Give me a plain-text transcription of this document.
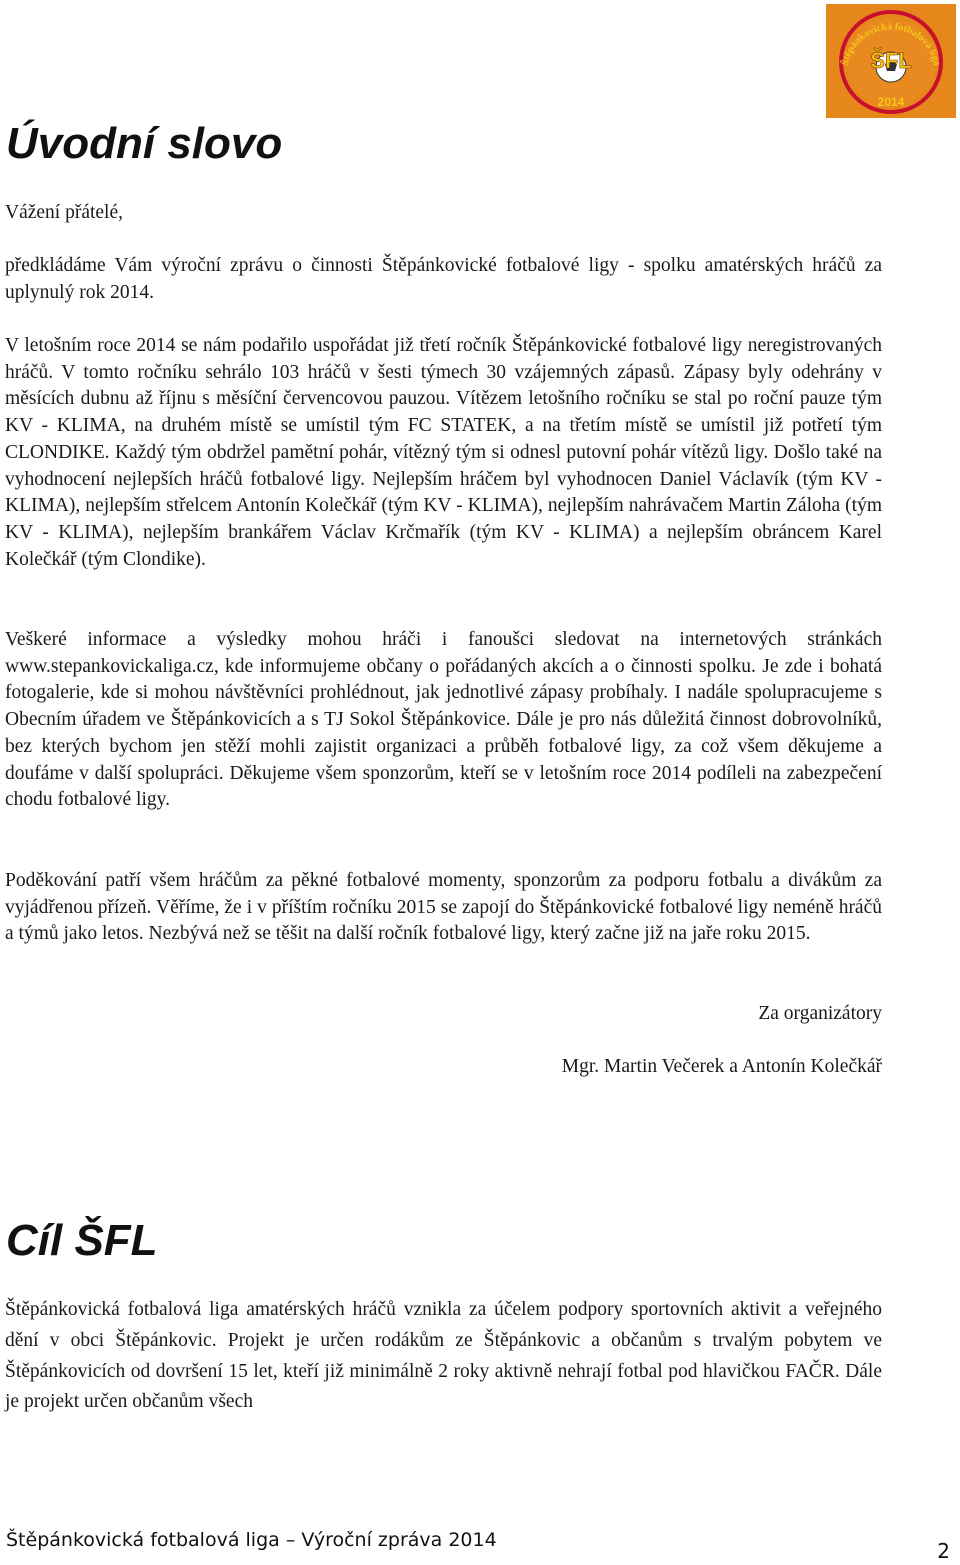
Štěpánkovická fotbalová liga
ŠFL
2014
Úvodní slovo

Vážení přátelé,

předkládáme Vám výroční zprávu o činnosti Štěpánkovické fotbalové ligy - spolku amatérských hráčů za uplynulý rok 2014.

V letošním roce 2014 se nám podařilo uspořádat již třetí ročník Štěpánkovické fotbalové ligy neregistrovaných hráčů. V tomto ročníku sehrálo 103 hráčů v šesti týmech 30 vzájemných zápasů. Zápasy byly odehrány v měsících dubnu až říjnu s měsíční červencovou pauzou. Vítězem letošního ročníku se stal po roční pauze tým KV - KLIMA, na druhém místě se umístil tým FC STATEK, a na třetím místě se umístil již potřetí tým CLONDIKE. Každý tým obdržel pamětní pohár, vítězný tým si odnesl putovní pohár vítězů ligy. Došlo také na vyhodnocení nejlepších hráčů fotbalové ligy. Nejlepším hráčem byl vyhodnocen Daniel Václavík (tým KV - KLIMA), nejlepším střelcem Antonín Kolečkář (tým KV - KLIMA), nejlepším nahrávačem Martin Záloha (tým KV - KLIMA), nejlepším brankářem Václav Krčmařík (tým KV - KLIMA) a nejlepším obráncem Karel Kolečkář (tým Clondike).

Veškeré informace a výsledky mohou hráči i fanoušci sledovat na internetových stránkách www.stepankovickaliga.cz, kde informujeme občany o pořádaných akcích a o činnosti spolku. Je zde i bohatá fotogalerie, kde si mohou návštěvníci prohlédnout, jak jednotlivé zápasy probíhaly. I nadále spolupracujeme s Obecním úřadem ve Štěpánkovicích a s TJ Sokol Štěpánkovice. Dále je pro nás důležitá činnost dobrovolníků, bez kterých bychom jen stěží mohli zajistit organizaci a průběh fotbalové ligy, za což všem děkujeme a doufáme v další spolupráci. Děkujeme všem sponzorům, kteří se v letošním roce 2014 podíleli na zabezpečení chodu fotbalové ligy.

Poděkování patří všem hráčům za pěkné fotbalové momenty, sponzorům za podporu fotbalu a divákům za vyjádřenou přízeň. Věříme, že i v příštím ročníku 2015 se zapojí do Štěpánkovické fotbalové ligy neméně hráčů a týmů jako letos. Nezbývá než se těšit na další ročník fotbalové ligy, který začne již na jaře roku 2015.

Za organizátory

Mgr. Martin Večerek a Antonín Kolečkář

Cíl ŠFL

Štěpánkovická fotbalová liga amatérských hráčů vznikla za účelem podpory sportovních aktivit a veřejného dění v obci Štěpánkovic. Projekt je určen rodákům ze Štěpánkovic a občanům s trvalým pobytem ve Štěpánkovicích od dovršení 15 let, kteří již minimálně 2 roky aktivně nehrají fotbal pod hlavičkou FAČR. Dále je projekt určen občanům všech

Štěpánkovická fotbalová liga – Výroční zpráva 2014	2
